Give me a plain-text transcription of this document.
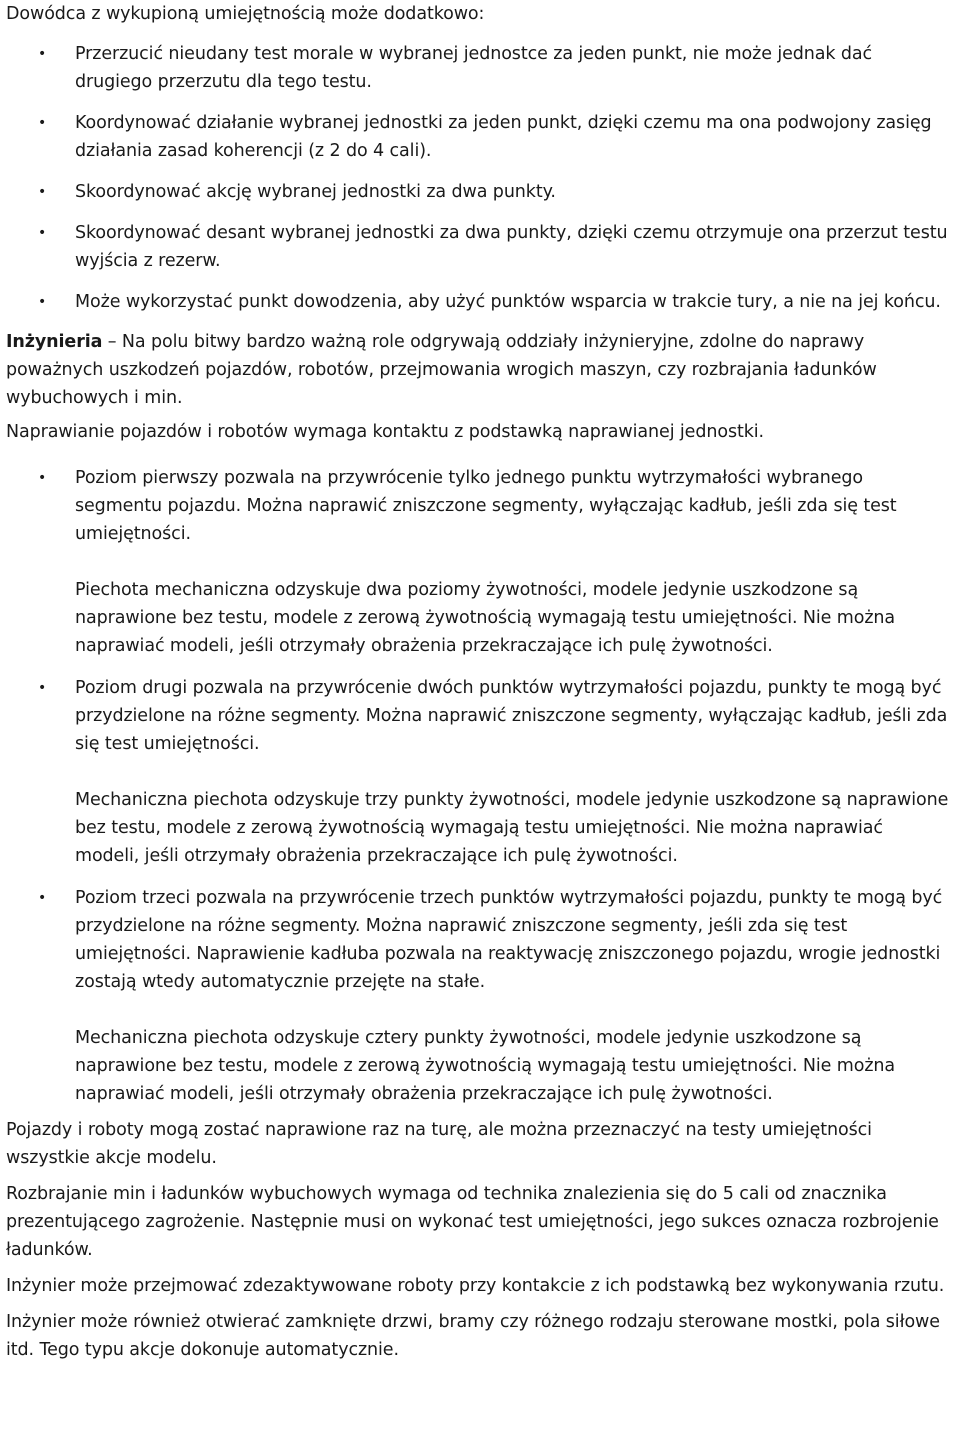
Dowódca z wykupioną umiejętnością może dodatkowo:

• Przerzucić nieudany test morale w wybranej jednostce za jeden punkt, nie może jednak dać drugiego przerzutu dla tego testu.
• Koordynować działanie wybranej jednostki za jeden punkt, dzięki czemu ma ona podwojony zasięg działania zasad koherencji (z 2 do 4 cali).
• Skoordynować akcję wybranej jednostki za dwa punkty.
• Skoordynować desant wybranej jednostki za dwa punkty, dzięki czemu otrzymuje ona przerzut testu wyjścia z rezerw.
• Może wykorzystać punkt dowodzenia, aby użyć punktów wsparcia w trakcie tury, a nie na jej końcu.

Inżynieria – Na polu bitwy bardzo ważną role odgrywają oddziały inżynieryjne, zdolne do naprawy poważnych uszkodzeń pojazdów, robotów, przejmowania wrogich maszyn, czy rozbrajania ładunków wybuchowych i min.

Naprawianie pojazdów i robotów wymaga kontaktu z podstawką naprawianej jednostki.

• Poziom pierwszy pozwala na przywrócenie tylko jednego punktu wytrzymałości wybranego segmentu pojazdu. Można naprawić zniszczone segmenty, wyłączając kadłub, jeśli zda się test umiejętności.
Piechota mechaniczna odzyskuje dwa poziomy żywotności, modele jedynie uszkodzone są naprawione bez testu, modele z zerową żywotnością wymagają testu umiejętności. Nie można naprawiać modeli, jeśli otrzymały obrażenia przekraczające ich pulę żywotności.
• Poziom drugi pozwala na przywrócenie dwóch punktów wytrzymałości pojazdu, punkty te mogą być przydzielone na różne segmenty. Można naprawić zniszczone segmenty, wyłączając kadłub, jeśli zda się test umiejętności.
Mechaniczna piechota odzyskuje trzy punkty żywotności, modele jedynie uszkodzone są naprawione bez testu, modele z zerową żywotnością wymagają testu umiejętności. Nie można naprawiać modeli, jeśli otrzymały obrażenia przekraczające ich pulę żywotności.
• Poziom trzeci pozwala na przywrócenie trzech punktów wytrzymałości pojazdu, punkty te mogą być przydzielone na różne segmenty. Można naprawić zniszczone segmenty, jeśli zda się test umiejętności. Naprawienie kadłuba pozwala na reaktywację zniszczonego pojazdu, wrogie jednostki zostają wtedy automatycznie przejęte na stałe.
Mechaniczna piechota odzyskuje cztery punkty żywotności, modele jedynie uszkodzone są naprawione bez testu, modele z zerową żywotnością wymagają testu umiejętności. Nie można naprawiać modeli, jeśli otrzymały obrażenia przekraczające ich pulę żywotności.

Pojazdy i roboty mogą zostać naprawione raz na turę, ale można przeznaczyć na testy umiejętności wszystkie akcje modelu.

Rozbrajanie min i ładunków wybuchowych wymaga od technika znalezienia się do 5 cali od znacznika prezentującego zagrożenie. Następnie musi on wykonać test umiejętności, jego sukces oznacza rozbrojenie ładunków.

Inżynier może przejmować zdezaktywowane roboty przy kontakcie z ich podstawką bez wykonywania rzutu.

Inżynier może również otwierać zamknięte drzwi, bramy czy różnego rodzaju sterowane mostki, pola siłowe itd. Tego typu akcje dokonuje automatycznie.
